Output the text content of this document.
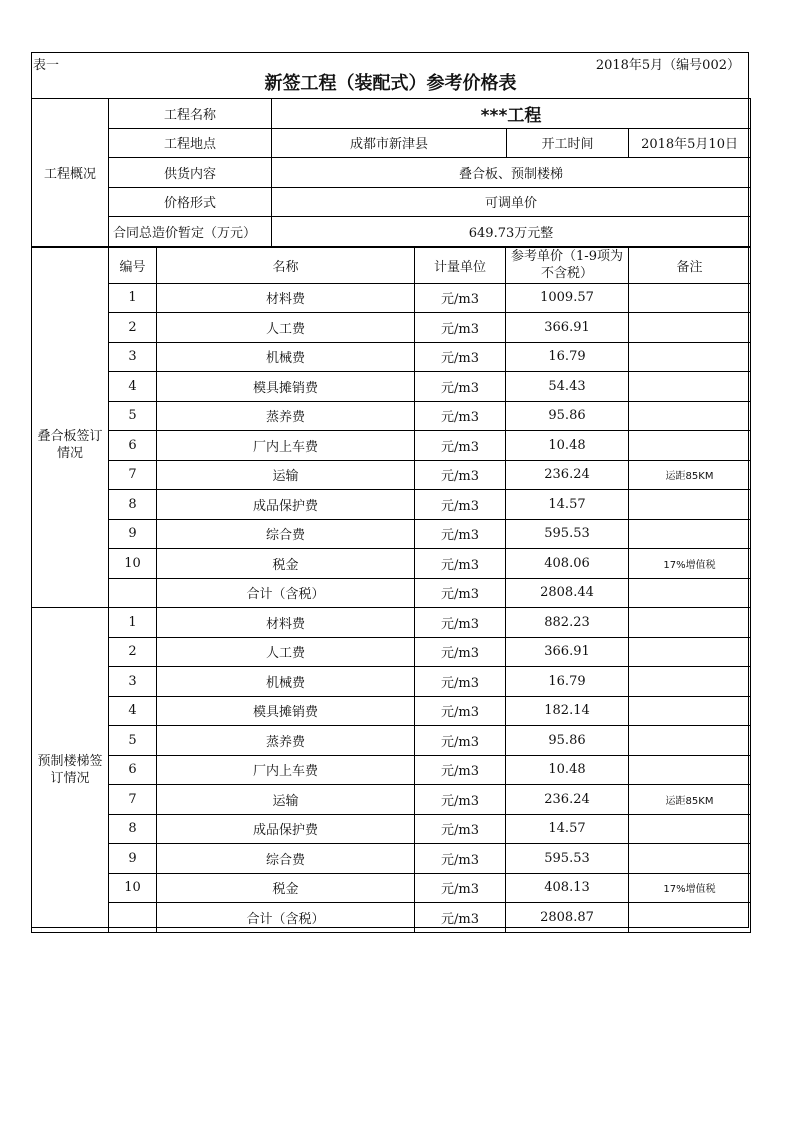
表一	2018年5月（编号002）
新签工程（装配式）参考价格表
工程概况	工程名称	***工程		
	工程地点	成都市新津县	开工时间	2018年5月10日
	供货内容	叠合板、预制楼梯		
	价格形式	可调单价		
	合同总造价暂定（万元）	649.73万元整		
	编号	名称	计量单位	参考单价（1-9项为不含税）	备注
叠合板签订情况	1	材料费	元/m3	1009.57	
	2	人工费	元/m3	366.91	
	3	机械费	元/m3	16.79	
	4	模具摊销费	元/m3	54.43	
	5	蒸养费	元/m3	95.86	
	6	厂内上车费	元/m3	10.48	
	7	运输	元/m3	236.24	运距85KM
	8	成品保护费	元/m3	14.57	
	9	综合费	元/m3	595.53	
	10	税金	元/m3	408.06	17%增值税
		合计（含税）	元/m3	2808.44	
预制楼梯签订情况	1	材料费	元/m3	882.23	
	2	人工费	元/m3	366.91	
	3	机械费	元/m3	16.79	
	4	模具摊销费	元/m3	182.14	
	5	蒸养费	元/m3	95.86	
	6	厂内上车费	元/m3	10.48	
	7	运输	元/m3	236.24	运距85KM
	8	成品保护费	元/m3	14.57	
	9	综合费	元/m3	595.53	
	10	税金	元/m3	408.13	17%增值税
		合计（含税）	元/m3	2808.87	
